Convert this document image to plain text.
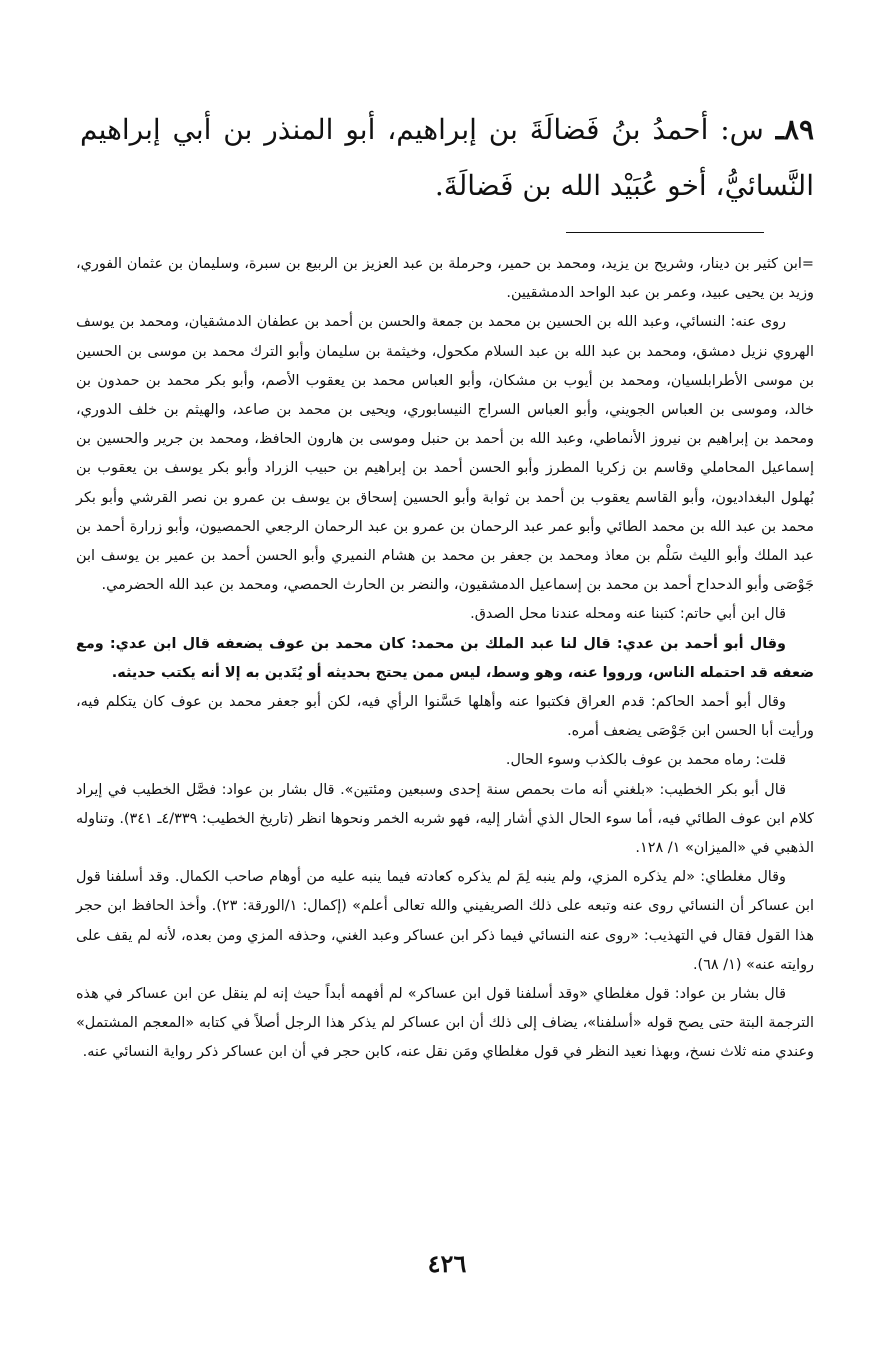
٨٩ـ س: أحمدُ بنُ فَضالَةَ بن إبراهيم، أبو المنذر بن أبي إبراهيم النَّسائيُّ، أخو عُبَيْد الله بن فَضالَةَ.

=ابن كثير بن دينار، وشريح بن يزيد، ومحمد بن حمير، وحرملة بن عبد العزيز بن الربيع بن سبرة، وسليمان بن عثمان الفوري، وزيد بن يحيى عبيد، وعمر بن عبد الواحد الدمشقيين.

روى عنه: النسائي، وعبد الله بن الحسين بن محمد بن جمعة والحسن بن أحمد بن عطفان الدمشقيان، ومحمد بن يوسف الهروي نزيل دمشق، ومحمد بن عبد الله بن عبد السلام مكحول، وخيثمة بن سليمان وأبو الترك محمد بن موسى بن الحسين بن موسى الأطرابلسيان، ومحمد بن أيوب بن مشكان، وأبو العباس محمد بن يعقوب الأصم، وأبو بكر محمد بن حمدون بن خالد، وموسى بن العباس الجويني، وأبو العباس السراج النيسابوري، ويحيى بن محمد بن صاعد، والهيثم بن خلف الدوري، ومحمد بن إبراهيم بن نيروز الأنماطي، وعبد الله بن أحمد بن حنبل وموسى بن هارون الحافظ، ومحمد بن جرير والحسين بن إسماعيل المحاملي وقاسم بن زكريا المطرز وأبو الحسن أحمد بن إبراهيم بن حبيب الزراد وأبو بكر يوسف بن يعقوب بن بُهلول البغداديون، وأبو القاسم يعقوب بن أحمد بن ثوابة وأبو الحسين إسحاق بن يوسف بن عمرو بن نصر القرشي وأبو بكر محمد بن عبد الله بن محمد الطائي وأبو عمر عبد الرحمان بن عمرو بن عبد الرحمان الرجعي الحمصيون، وأبو زرارة أحمد بن عبد الملك وأبو الليث سَلْم بن معاذ ومحمد بن جعفر بن محمد بن هشام النميري وأبو الحسن أحمد بن عمير بن يوسف ابن جَوْصَى وأبو الدحداح أحمد بن محمد بن إسماعيل الدمشقيون، والنضر بن الحارث الحمصي، ومحمد بن عبد الله الحضرمي.

قال ابن أبي حاتم: كتبنا عنه ومحله عندنا محل الصدق.

وقال أبو أحمد بن عدي: قال لنا عبد الملك بن محمد: كان محمد بن عوف يضعفه قال ابن عدي: ومع ضعفه قد احتمله الناس، ورووا عنه، وهو وسط، ليس ممن يحتج بحديثه أو يُتَدين به إلا أنه يكتب حديثه.

وقال أبو أحمد الحاكم: قدم العراق فكتبوا عنه وأهلها حَسَّنوا الرأي فيه، لكن أبو جعفر محمد بن عوف كان يتكلم فيه، ورأيت أبا الحسن ابن جَوْصَى يضعف أمره.

قلت: رماه محمد بن عوف بالكذب وسوء الحال.

قال أبو بكر الخطيب: «بلغني أنه مات بحمص سنة إحدى وسبعين ومئتين». قال بشار بن عواد: فصَّل الخطيب في إيراد كلام ابن عوف الطائي فيه، أما سوء الحال الذي أشار إليه، فهو شربه الخمر ونحوها انظر (تاريخ الخطيب: ٤/٣٣٩ـ ٣٤١). وتناوله الذهبي في «الميزان» ١/ ١٢٨.

وقال مغلطاي: «لم يذكره المزي، ولم ينبه لِمَ لم يذكره كعادته فيما ينبه عليه من أوهام صاحب الكمال. وقد أسلفنا قول ابن عساكر أن النسائي روى عنه وتبعه على ذلك الصريفيني والله تعالى أعلم» (إكمال: ١/الورقة: ٢٣). وأخذ الحافظ ابن حجر هذا القول فقال في التهذيب: «روى عنه النسائي فيما ذكر ابن عساكر وعبد الغني، وحذفه المزي ومن بعده، لأنه لم يقف على روايته عنه» (١/ ٦٨).

قال بشار بن عواد: قول مغلطاي «وقد أسلفنا قول ابن عساكر» لم أفهمه أبداً حيث إنه لم ينقل عن ابن عساكر في هذه الترجمة البتة حتى يصح قوله «أسلفنا»، يضاف إلى ذلك أن ابن عساكر لم يذكر هذا الرجل أصلاً في كتابه «المعجم المشتمل» وعندي منه ثلاث نسخ، وبهذا نعيد النظر في قول مغلطاي ومَن نقل عنه، كابن حجر في أن ابن عساكر ذكر رواية النسائي عنه.

٤٢٦
